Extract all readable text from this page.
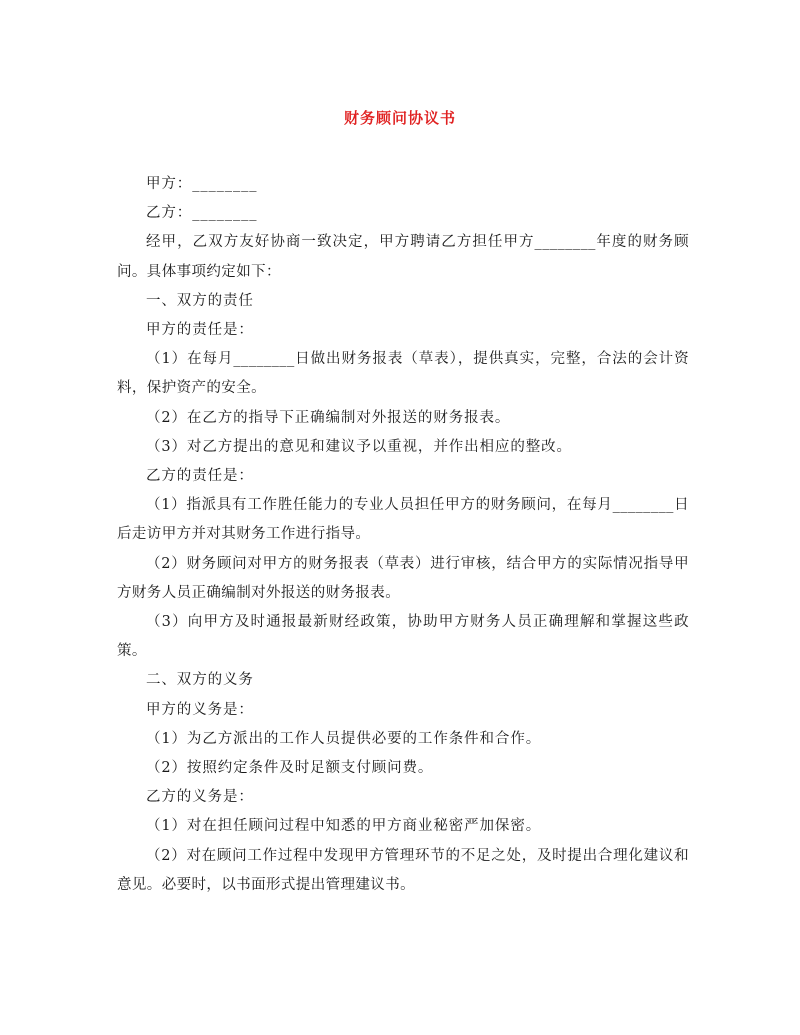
财务顾问协议书

甲方：________

乙方：________

经甲，乙双方友好协商一致决定，甲方聘请乙方担任甲方________年度的财务顾问。具体事项约定如下：

一、双方的责任

甲方的责任是：

（1）在每月________日做出财务报表（草表），提供真实，完整，合法的会计资料，保护资产的安全。

（2）在乙方的指导下正确编制对外报送的财务报表。

（3）对乙方提出的意见和建议予以重视，并作出相应的整改。

乙方的责任是：

（1）指派具有工作胜任能力的专业人员担任甲方的财务顾问，在每月________日后走访甲方并对其财务工作进行指导。

（2）财务顾问对甲方的财务报表（草表）进行审核，结合甲方的实际情况指导甲方财务人员正确编制对外报送的财务报表。

（3）向甲方及时通报最新财经政策，协助甲方财务人员正确理解和掌握这些政策。

二、双方的义务

甲方的义务是：

（1）为乙方派出的工作人员提供必要的工作条件和合作。

（2）按照约定条件及时足额支付顾问费。

乙方的义务是：

（1）对在担任顾问过程中知悉的甲方商业秘密严加保密。

（2）对在顾问工作过程中发现甲方管理环节的不足之处，及时提出合理化建议和意见。必要时，以书面形式提出管理建议书。
